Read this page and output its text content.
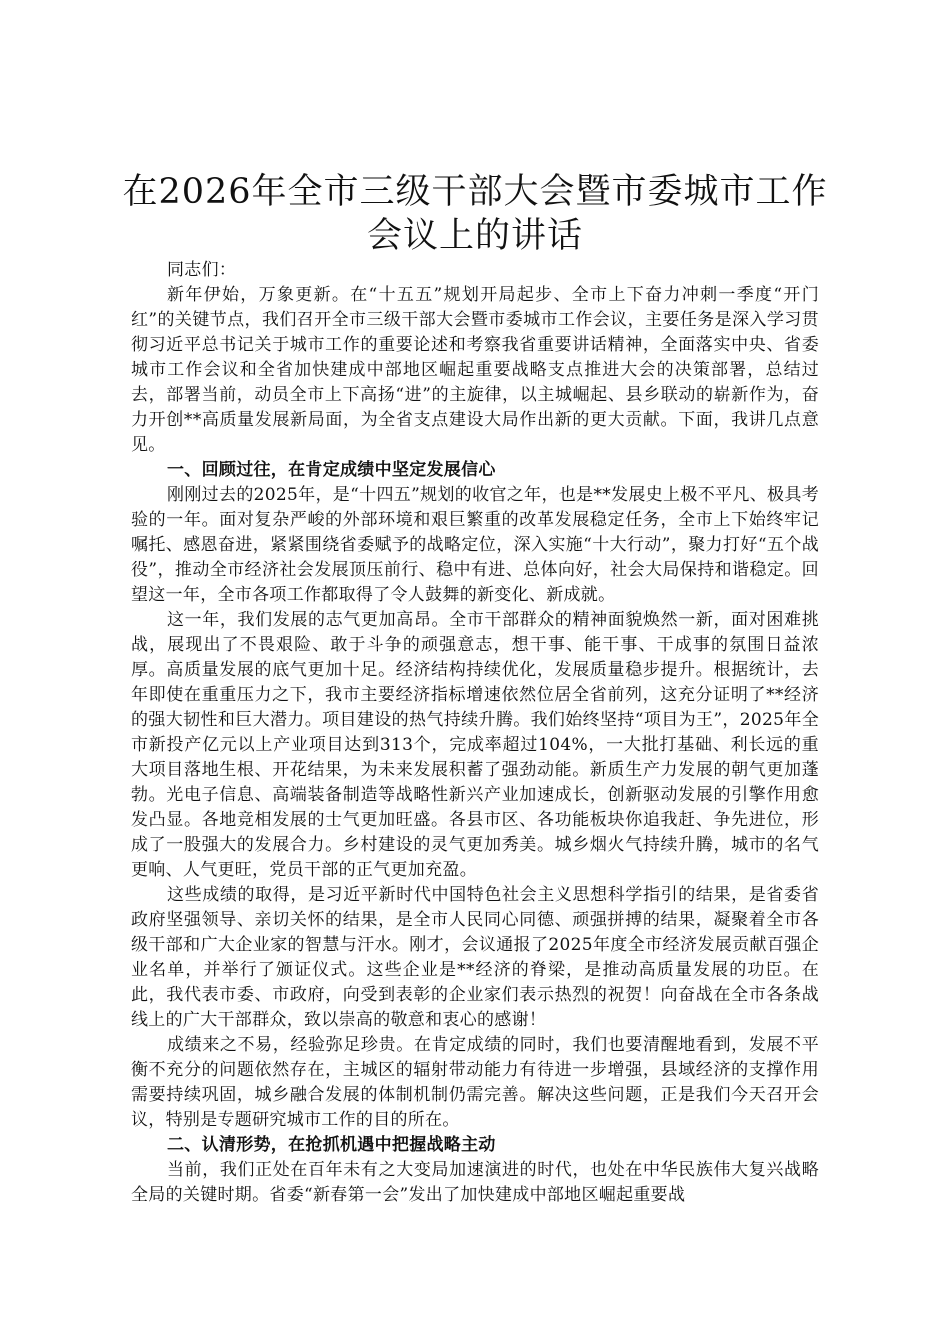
在2026年全市三级干部大会暨市委城市工作
会议上的讲话

同志们：

新年伊始，万象更新。在“十五五”规划开局起步、全市上下奋力冲刺一季度“开门红”的关键节点，我们召开全市三级干部大会暨市委城市工作会议，主要任务是深入学习贯彻习近平总书记关于城市工作的重要论述和考察我省重要讲话精神，全面落实中央、省委城市工作会议和全省加快建成中部地区崛起重要战略支点推进大会的决策部署，总结过去，部署当前，动员全市上下高扬“进”的主旋律，以主城崛起、县乡联动的崭新作为，奋力开创**高质量发展新局面，为全省支点建设大局作出新的更大贡献。下面，我讲几点意见。

一、回顾过往，在肯定成绩中坚定发展信心

刚刚过去的2025年，是“十四五”规划的收官之年，也是**发展史上极不平凡、极具考验的一年。面对复杂严峻的外部环境和艰巨繁重的改革发展稳定任务，全市上下始终牢记嘱托、感恩奋进，紧紧围绕省委赋予的战略定位，深入实施“十大行动”，聚力打好“五个战役”，推动全市经济社会发展顶压前行、稳中有进、总体向好，社会大局保持和谐稳定。回望这一年，全市各项工作都取得了令人鼓舞的新变化、新成就。

这一年，我们发展的志气更加高昂。全市干部群众的精神面貌焕然一新，面对困难挑战，展现出了不畏艰险、敢于斗争的顽强意志，想干事、能干事、干成事的氛围日益浓厚。高质量发展的底气更加十足。经济结构持续优化，发展质量稳步提升。根据统计，去年即使在重重压力之下，我市主要经济指标增速依然位居全省前列，这充分证明了**经济的强大韧性和巨大潜力。项目建设的热气持续升腾。我们始终坚持“项目为王”，2025年全市新投产亿元以上产业项目达到313个，完成率超过104%，一大批打基础、利长远的重大项目落地生根、开花结果，为未来发展积蓄了强劲动能。新质生产力发展的朝气更加蓬勃。光电子信息、高端装备制造等战略性新兴产业加速成长，创新驱动发展的引擎作用愈发凸显。各地竞相发展的士气更加旺盛。各县市区、各功能板块你追我赶、争先进位，形成了一股强大的发展合力。乡村建设的灵气更加秀美。城乡烟火气持续升腾，城市的名气更响、人气更旺，党员干部的正气更加充盈。

这些成绩的取得，是习近平新时代中国特色社会主义思想科学指引的结果，是省委省政府坚强领导、亲切关怀的结果，是全市人民同心同德、顽强拼搏的结果，凝聚着全市各级干部和广大企业家的智慧与汗水。刚才，会议通报了2025年度全市经济发展贡献百强企业名单，并举行了颁证仪式。这些企业是**经济的脊梁，是推动高质量发展的功臣。在此，我代表市委、市政府，向受到表彰的企业家们表示热烈的祝贺！向奋战在全市各条战线上的广大干部群众，致以崇高的敬意和衷心的感谢！

成绩来之不易，经验弥足珍贵。在肯定成绩的同时，我们也要清醒地看到，发展不平衡不充分的问题依然存在，主城区的辐射带动能力有待进一步增强，县域经济的支撑作用需要持续巩固，城乡融合发展的体制机制仍需完善。解决这些问题，正是我们今天召开会议，特别是专题研究城市工作的目的所在。

二、认清形势，在抢抓机遇中把握战略主动

当前，我们正处在百年未有之大变局加速演进的时代，也处在中华民族伟大复兴战略全局的关键时期。省委“新春第一会”发出了加快建成中部地区崛起重要战
